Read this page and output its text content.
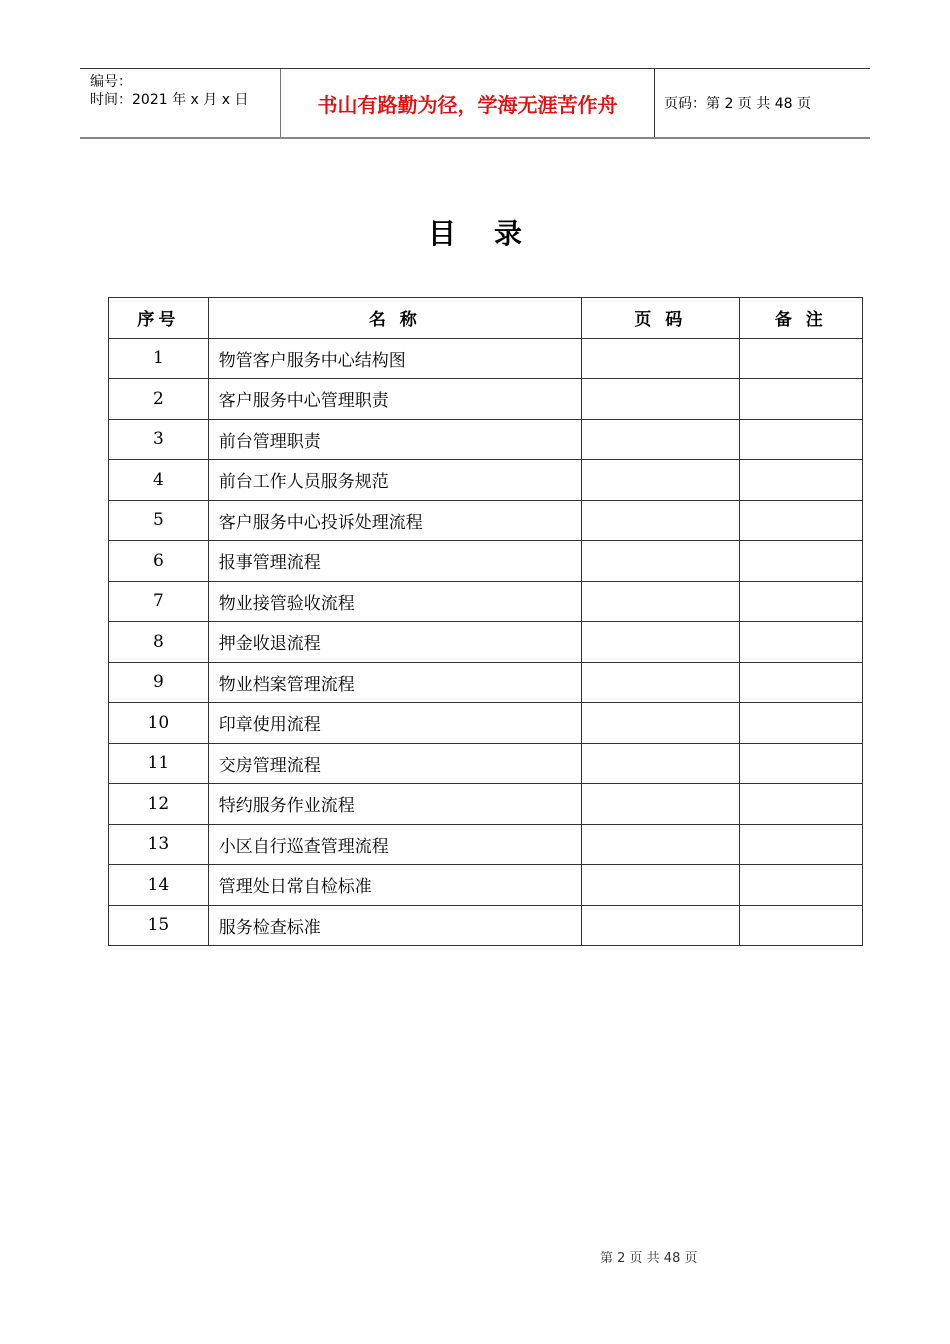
编号：
时间：2021 年 x 月 x 日	书山有路勤为径，学海无涯苦作舟	页码：第 2 页 共 48 页
目录
序号	名 称	页 码	备 注
1	物管客户服务中心结构图		
2	客户服务中心管理职责		
3	前台管理职责		
4	前台工作人员服务规范		
5	客户服务中心投诉处理流程		
6	报事管理流程		
7	物业接管验收流程		
8	押金收退流程		
9	物业档案管理流程		
10	印章使用流程		
11	交房管理流程		
12	特约服务作业流程		
13	小区自行巡查管理流程		
14	管理处日常自检标准		
15	服务检查标准		
第 2 页 共 48 页
